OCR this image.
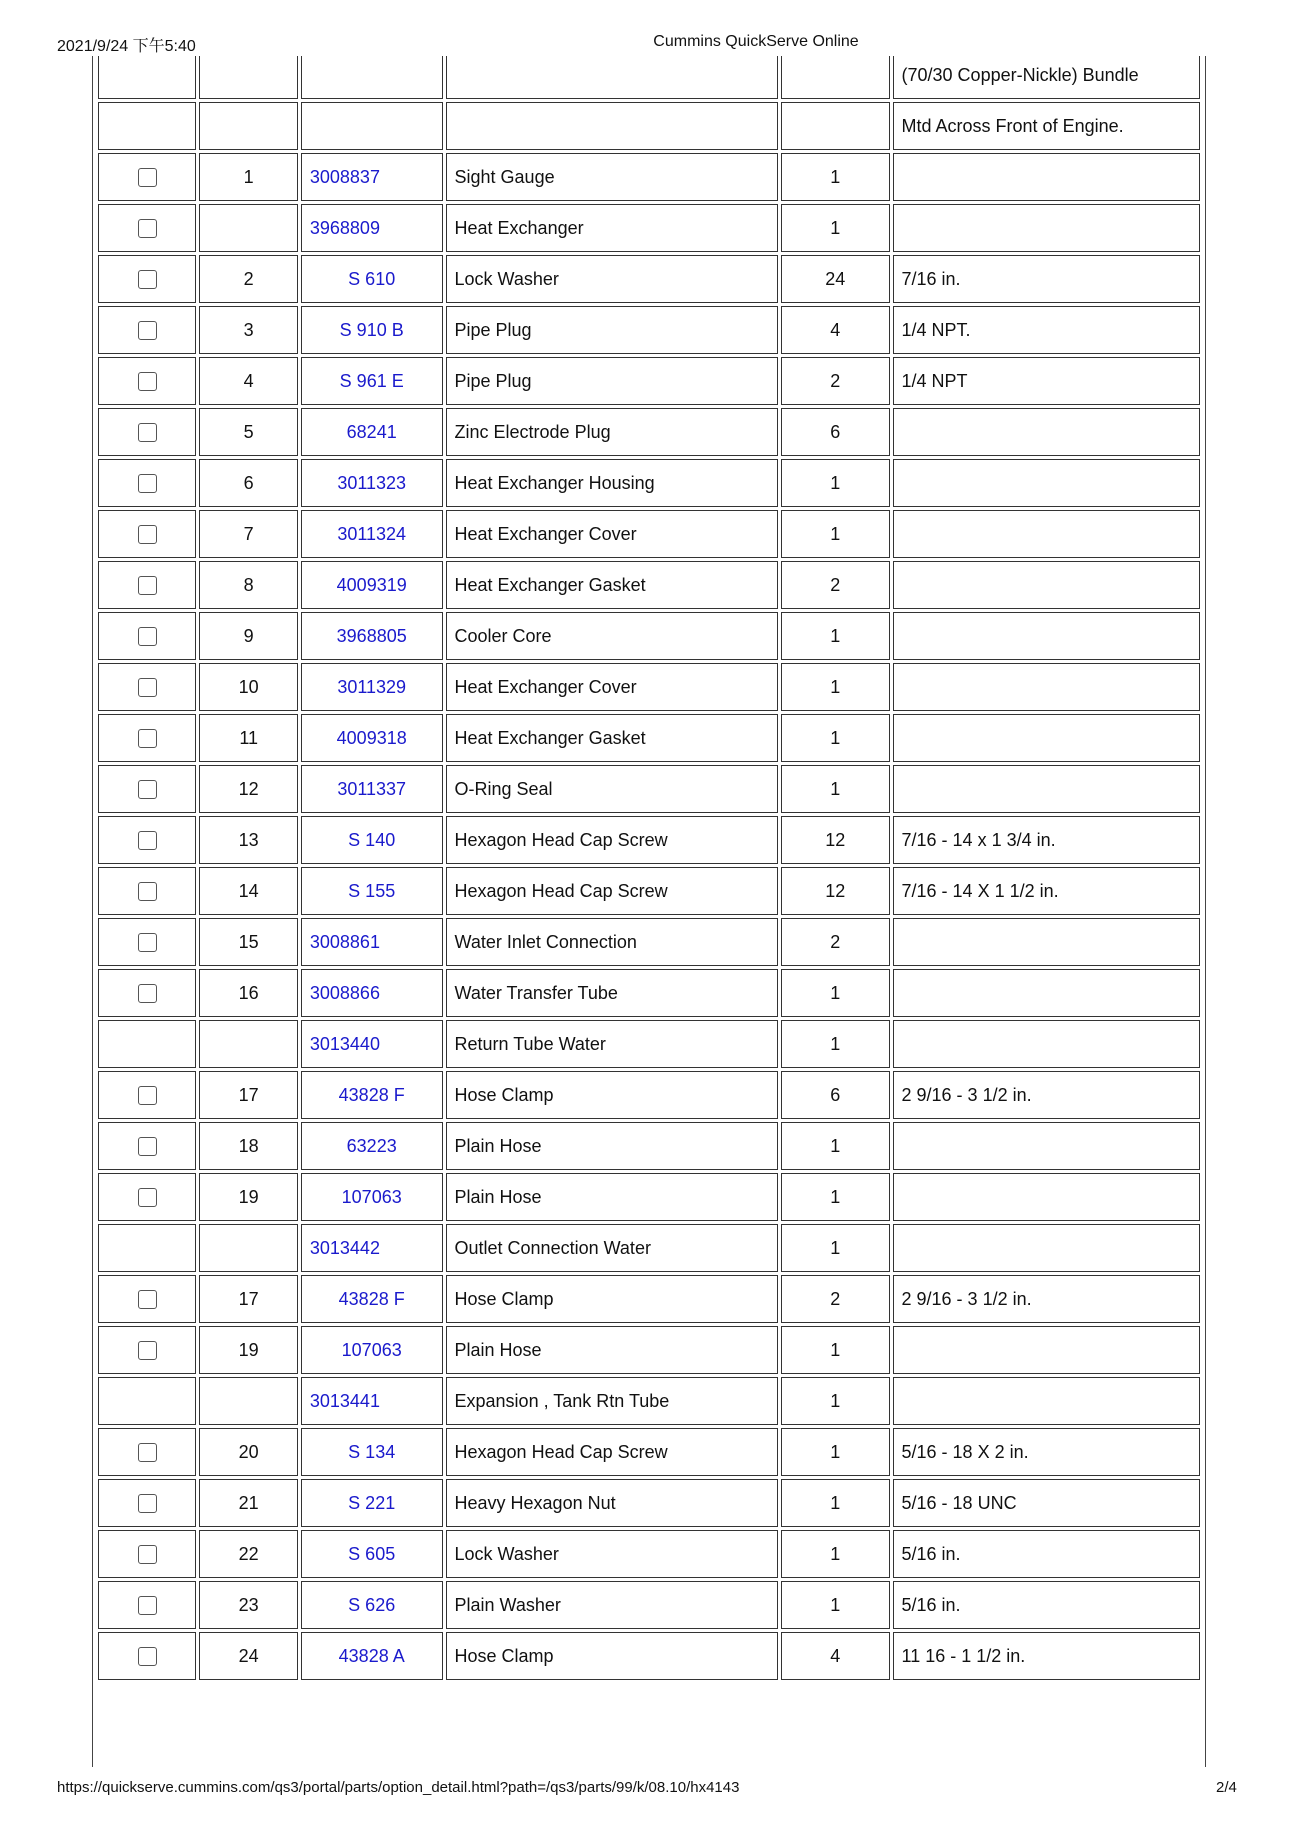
2021/9/24 下午5:40	Cummins QuickServe Online
					(70/30 Copper-Nickle) Bundle
					Mtd Across Front of Engine.
	1	3008837	Sight Gauge	1	
		3968809	Heat Exchanger	1	
	2	S 610	Lock Washer	24	7/16 in.
	3	S 910 B	Pipe Plug	4	1/4 NPT.
	4	S 961 E	Pipe Plug	2	1/4 NPT
	5	68241	Zinc Electrode Plug	6	
	6	3011323	Heat Exchanger Housing	1	
	7	3011324	Heat Exchanger Cover	1	
	8	4009319	Heat Exchanger Gasket	2	
	9	3968805	Cooler Core	1	
	10	3011329	Heat Exchanger Cover	1	
	11	4009318	Heat Exchanger Gasket	1	
	12	3011337	O-Ring Seal	1	
	13	S 140	Hexagon Head Cap Screw	12	7/16 - 14 x 1 3/4 in.
	14	S 155	Hexagon Head Cap Screw	12	7/16 - 14 X 1 1/2 in.
	15	3008861	Water Inlet Connection	2	
	16	3008866	Water Transfer Tube	1	
		3013440	Return Tube Water	1	
	17	43828 F	Hose Clamp	6	2 9/16 - 3 1/2 in.
	18	63223	Plain Hose	1	
	19	107063	Plain Hose	1	
		3013442	Outlet Connection Water	1	
	17	43828 F	Hose Clamp	2	2 9/16 - 3 1/2 in.
	19	107063	Plain Hose	1	
		3013441	Expansion , Tank Rtn Tube	1	
	20	S 134	Hexagon Head Cap Screw	1	5/16 - 18 X 2 in.
	21	S 221	Heavy Hexagon Nut	1	5/16 - 18 UNC
	22	S 605	Lock Washer	1	5/16 in.
	23	S 626	Plain Washer	1	5/16 in.
	24	43828 A	Hose Clamp	4	11 16 - 1 1/2 in.
https://quickserve.cummins.com/qs3/portal/parts/option_detail.html?path=/qs3/parts/99/k/08.10/hx4143	2/4
